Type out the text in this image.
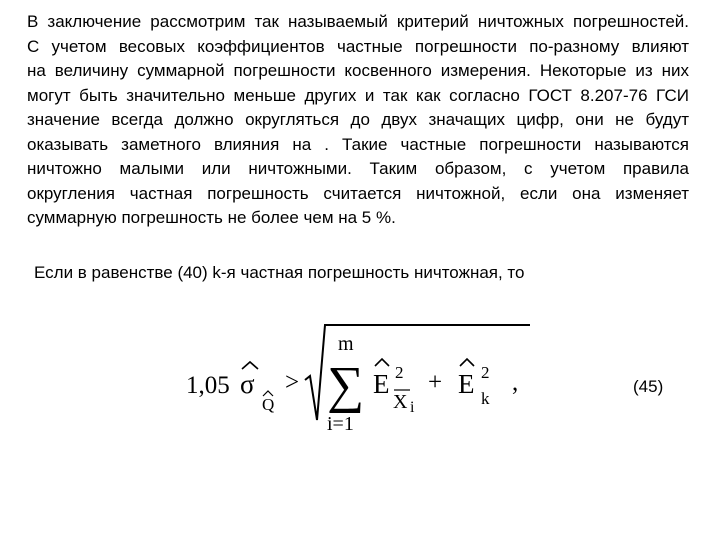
В заключение рассмотрим так называемый критерий ничтожных погрешностей.
С учетом весовых коэффициентов частные погрешности по-разному влияют
на величину суммарной погрешности косвенного измерения. Некоторые из них
могут быть значительно меньше других и так как согласно ГОСТ 8.207-76 ГСИ
значение всегда должно округляться до двух значащих цифр, они не будут
оказывать заметного влияния на . Такие частные погрешности называются
ничтожно малыми или ничтожными. Таким образом, с учетом правила
округления частная погрешность считается ничтожной, если она изменяет
суммарную погрешность не более чем на 5 %.
Если в равенстве (40) k-я частная погрешность ничтожная, то
1,05 σ
Q
>
m
∑
i=1
E 2
X i
+ E 2
k
,	(45)
